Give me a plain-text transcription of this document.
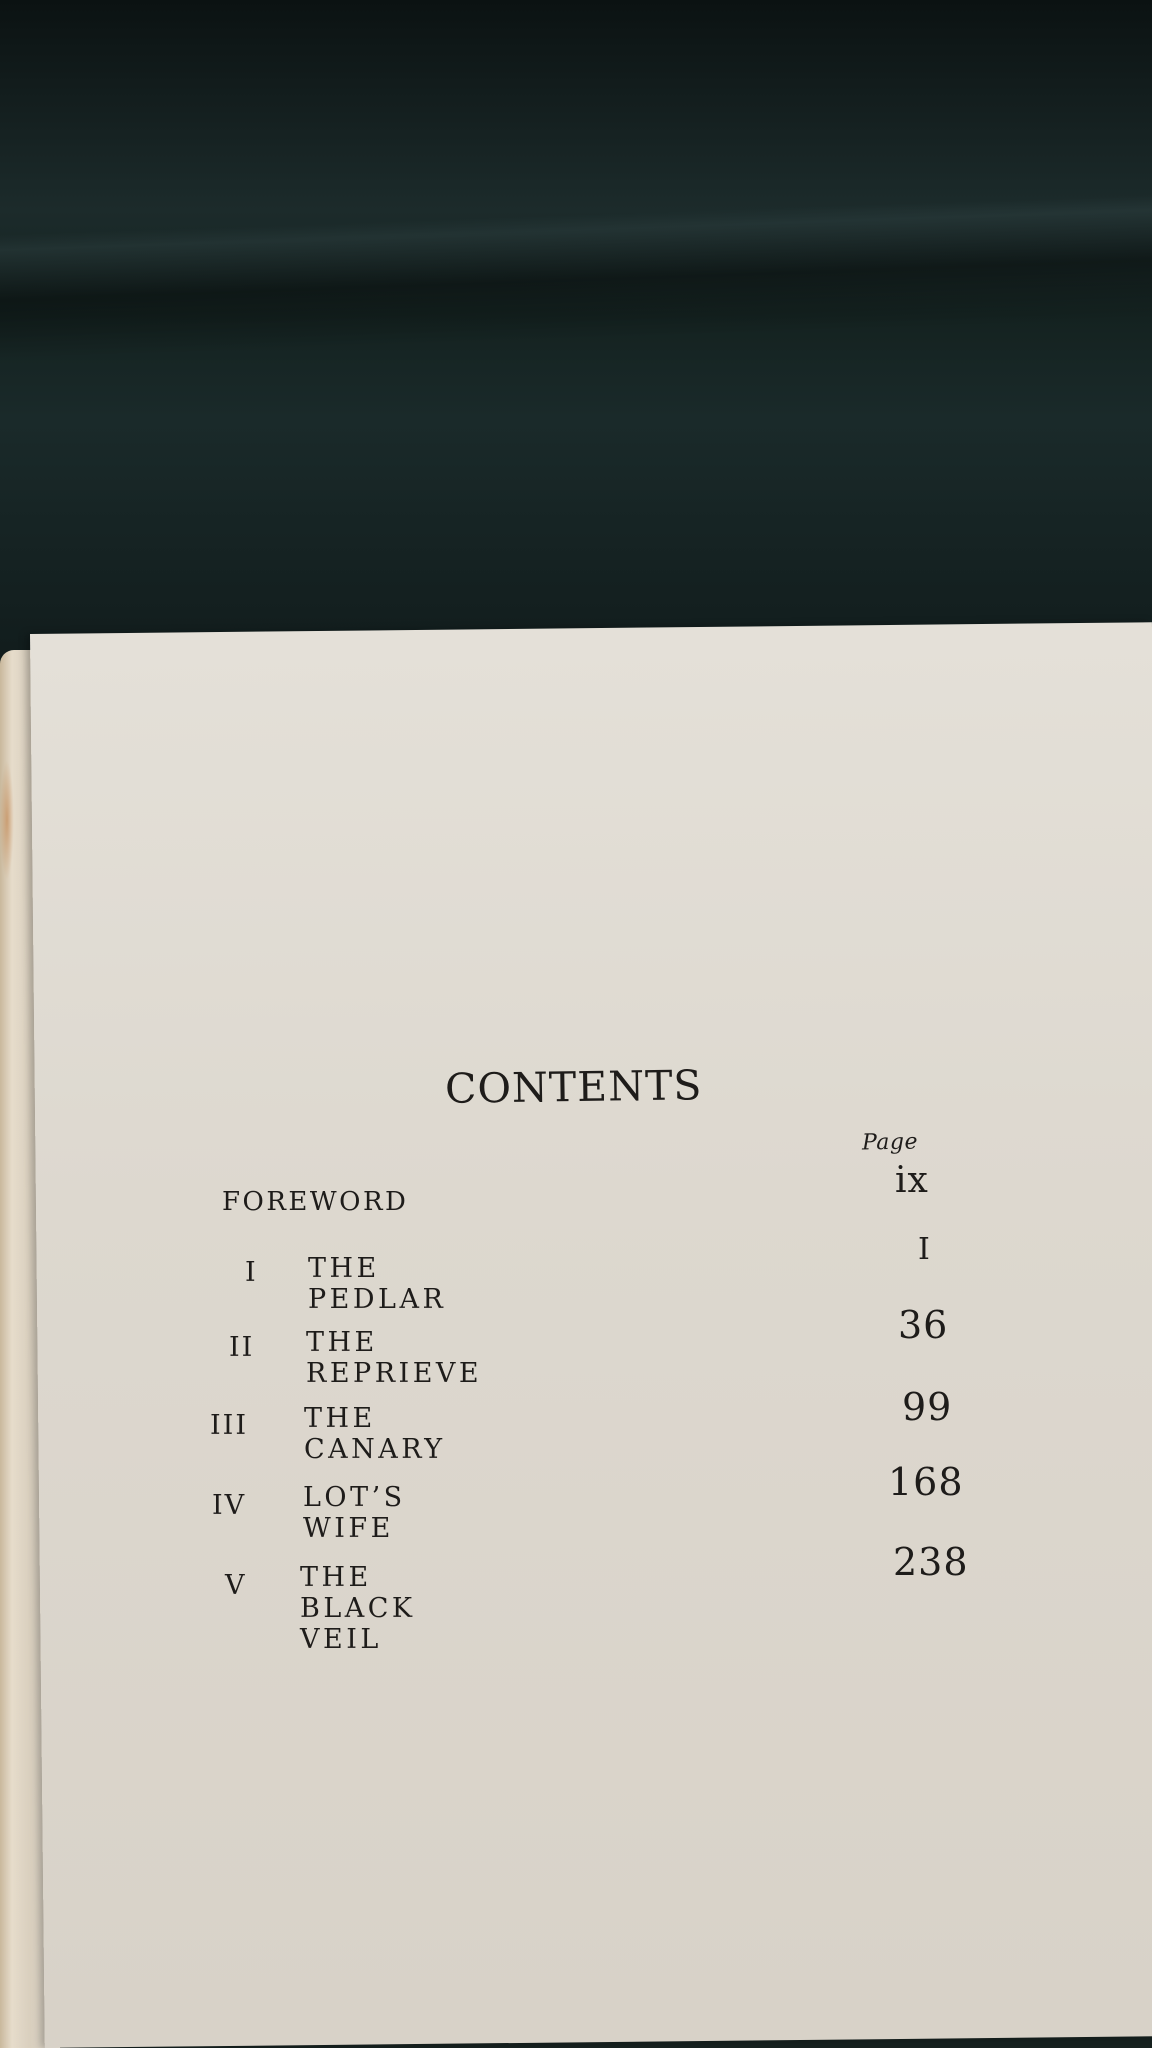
CONTENTS
Page
FOREWORD
ix
I THE PEDLAR
I
II THE REPRIEVE
36
III THE CANARY
99
IV LOT’S WIFE
168
V THE BLACK VEIL
238
